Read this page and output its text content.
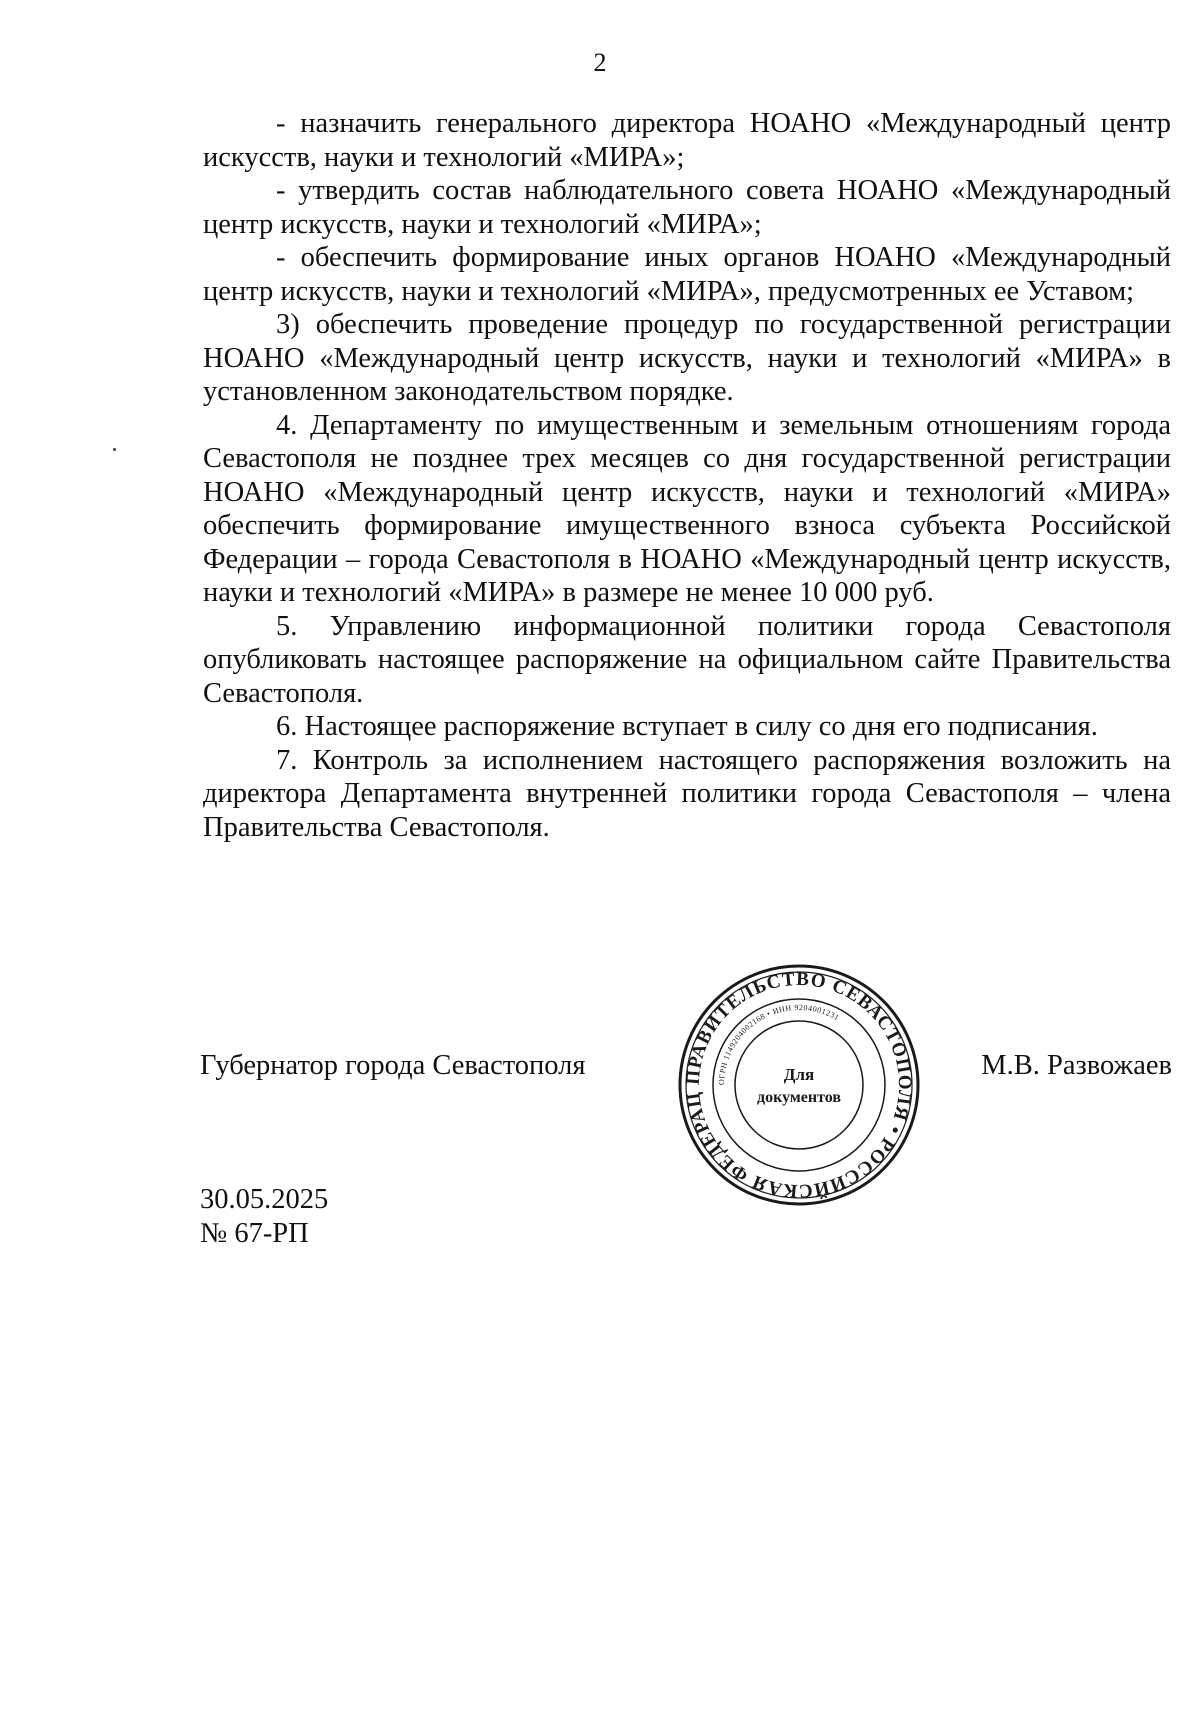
2

- назначить генерального директора НОАНО «Международный центр искусств, науки и технологий «МИРА»;

- утвердить состав наблюдательного совета НОАНО «Международный центр искусств, науки и технологий «МИРА»;

- обеспечить формирование иных органов НОАНО «Международный центр искусств, науки и технологий «МИРА», предусмотренных ее Уставом;

3) обеспечить проведение процедур по государственной регистрации НОАНО «Международный центр искусств, науки и технологий «МИРА» в установленном законодательством порядке.

4. Департаменту по имущественным и земельным отношениям города Севастополя не позднее трех месяцев со дня государственной регистрации НОАНО «Международный центр искусств, науки и технологий «МИРА» обеспечить формирование имущественного взноса субъекта Российской Федерации – города Севастополя в НОАНО «Международный центр искусств, науки и технологий «МИРА» в размере не менее 10 000 руб.

5. Управлению информационной политики города Севастополя опубликовать настоящее распоряжение на официальном сайте Правительства Севастополя.

6. Настоящее распоряжение вступает в силу со дня его подписания.

7. Контроль за исполнением настоящего распоряжения возложить на директора Департамента внутренней политики города Севастополя – члена Правительства Севастополя.

Губернатор города Севастополя	М.В. Развожаев
ПРАВИТЕЛЬСТВО СЕВАСТОПОЛЯ • РОССИЙСКАЯ ФЕДЕРАЦ
ОГРН 1149204002168 • ИНН 9204001231
Для
документов
30.05.2025
№ 67-РП
